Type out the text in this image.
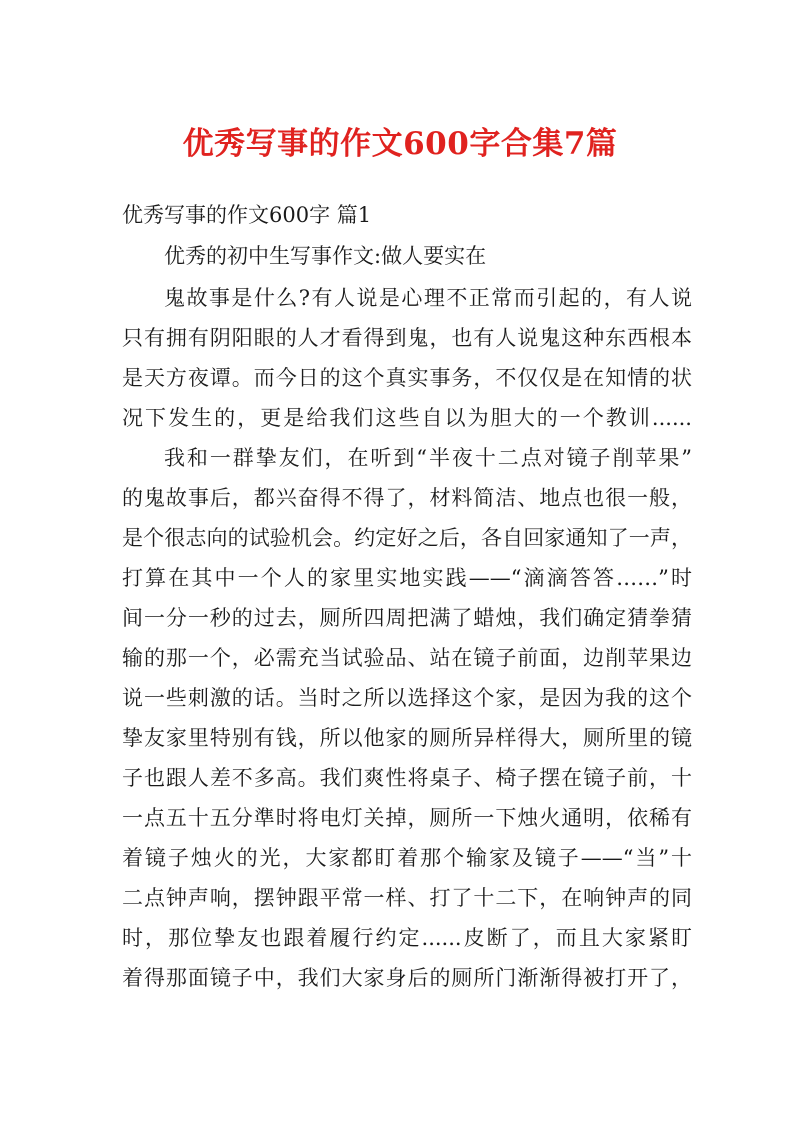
优秀写事的作文600字合集7篇
优秀写事的作文600字 篇1
优秀的初中生写事作文:做人要实在
鬼故事是什么?有人说是心理不正常而引起的，有人说
只有拥有阴阳眼的人才看得到鬼，也有人说鬼这种东西根本
是天方夜谭。而今日的这个真实事务，不仅仅是在知情的状
况下发生的，更是给我们这些自以为胆大的一个教训......
我和一群挚友们，在听到“半夜十二点对镜子削苹果”
的鬼故事后，都兴奋得不得了，材料简洁、地点也很一般，
是个很志向的试验机会。约定好之后，各自回家通知了一声，
打算在其中一个人的家里实地实践——“滴滴答答……”时
间一分一秒的过去，厕所四周把满了蜡烛，我们确定猜拳猜
输的那一个，必需充当试验品、站在镜子前面，边削苹果边
说一些刺激的话。当时之所以选择这个家，是因为我的这个
挚友家里特别有钱，所以他家的厕所异样得大，厕所里的镜
子也跟人差不多高。我们爽性将桌子、椅子摆在镜子前，十
一点五十五分準时将电灯关掉，厕所一下烛火通明，依稀有
着镜子烛火的光，大家都盯着那个输家及镜子——“当”十
二点钟声响，摆钟跟平常一样、打了十二下，在响钟声的同
时，那位挚友也跟着履行约定......皮断了，而且大家紧盯
着得那面镜子中，我们大家身后的厕所门渐渐得被打开了，
